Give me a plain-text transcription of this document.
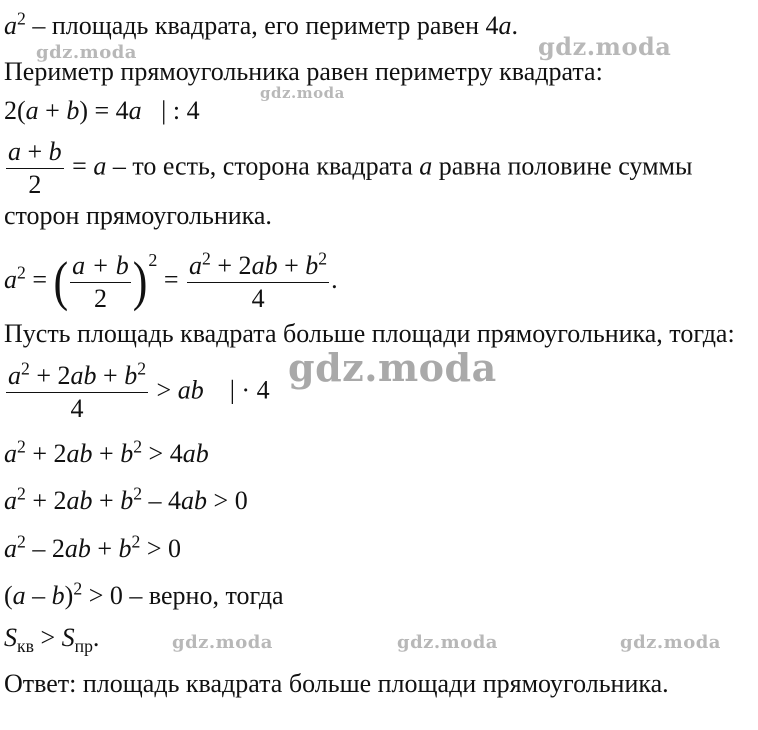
$a^2$ – площадь квадрата, его периметр равен 4a.
Периметр прямоугольника равен периметру квадрата:
2(a + b) = 4a   | : 4
$\frac{a + b}{2} = a$ – то есть, сторона квадрата a равна половине суммы
сторон прямоугольника.
$a^2$ = ( $\frac{a + b}{2} )^2 = \frac{a^2 + 2ab + b^2}{4}$ .
Пусть площадь квадрата больше площади прямоугольника, тогда:
$\frac{a^2 + 2ab + b^2}{4}$ > ab    | · 4
$a^2 + 2ab + b^2 > 4ab$
$a^2 + 2ab + b^2 - 4ab > 0$
$a^2 - 2ab + b^2 > 0$
(a – b)$^2$ > 0 – верно, тогда
$S_{кв} > S_{пр}$.
Ответ: площадь квадрата больше площади прямоугольника.
gdz.moda	gdz.moda
gdz.moda
gdz.moda
gdz.moda	gdz.moda	gdz.moda
